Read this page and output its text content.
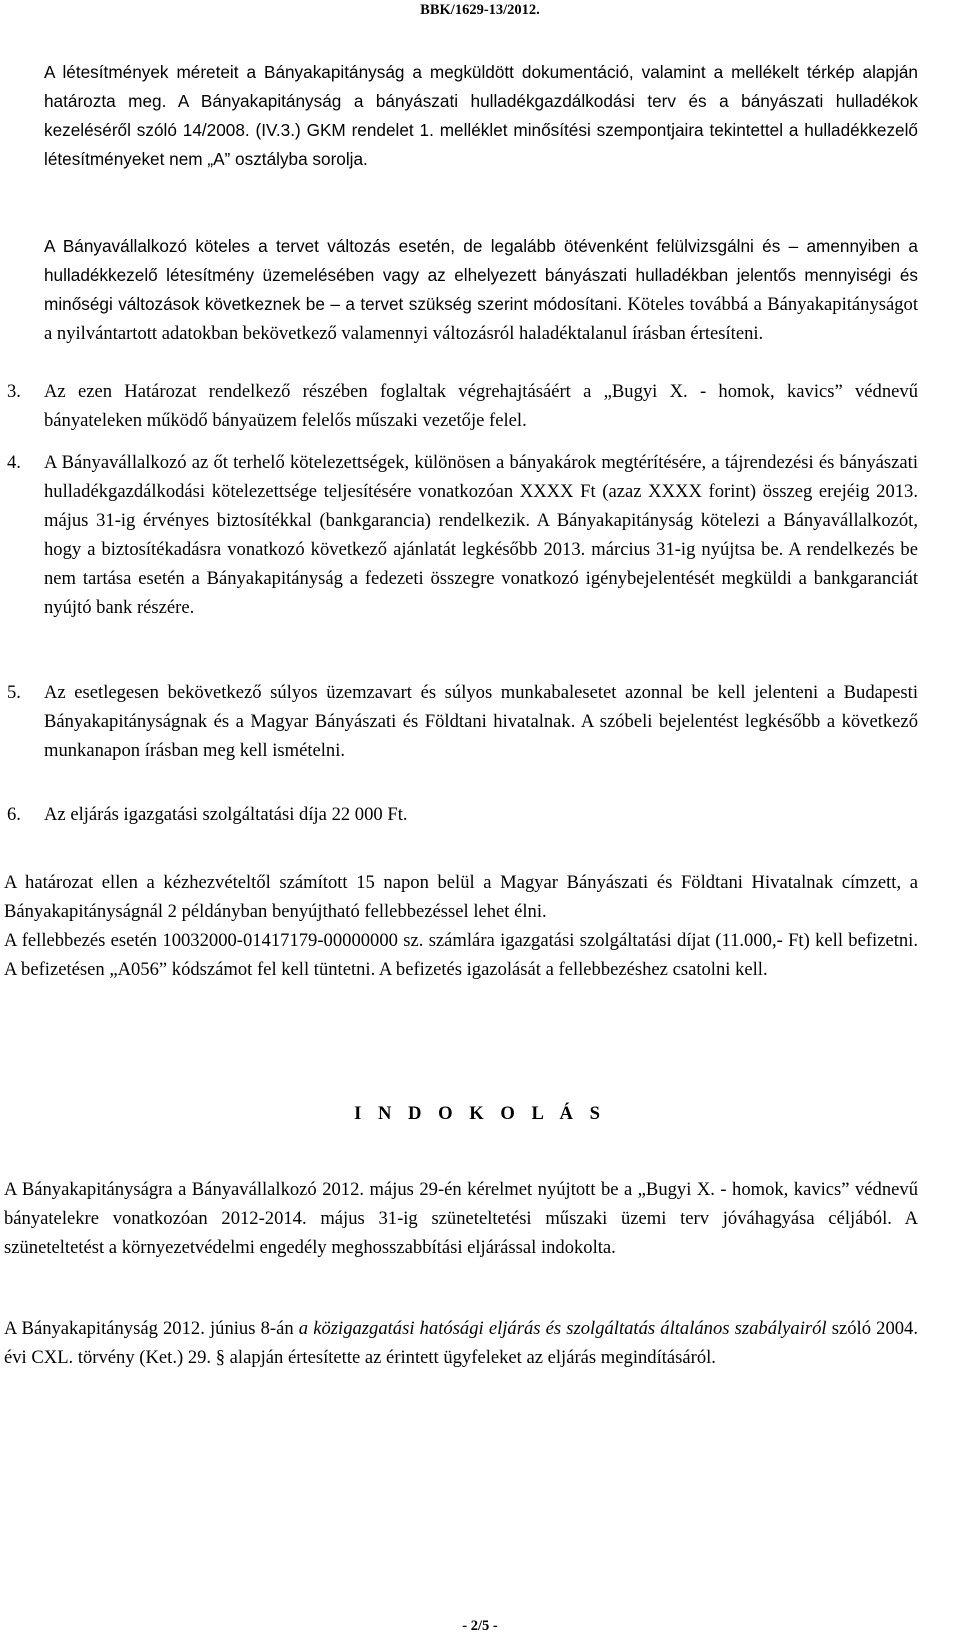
BBK/1629-13/2012.

A létesítmények méreteit a Bányakapitányság a megküldött dokumentáció, valamint a mellékelt térkép alapján határozta meg. A Bányakapitányság a bányászati hulladékgazdálkodási terv és a bányászati hulladékok kezeléséről szóló 14/2008. (IV.3.) GKM rendelet 1. melléklet minősítési szempontjaira tekintettel a hulladékkezelő létesítményeket nem „A” osztályba sorolja.

A Bányavállalkozó köteles a tervet változás esetén, de legalább ötévenként felülvizsgálni és – amennyiben a hulladékkezelő létesítmény üzemelésében vagy az elhelyezett bányászati hulladékban jelentős mennyiségi és minőségi változások következnek be – a tervet szükség szerint módosítani. Köteles továbbá a Bányakapitányságot a nyilvántartott adatokban bekövetkező valamennyi változásról haladéktalanul írásban értesíteni.

3. Az ezen Határozat rendelkező részében foglaltak végrehajtásáért a „Bugyi X. - homok, kavics” védnevű bányateleken működő bányaüzem felelős műszaki vezetője felel.

4. A Bányavállalkozó az őt terhelő kötelezettségek, különösen a bányakárok megtérítésére, a tájrendezési és bányászati hulladékgazdálkodási kötelezettsége teljesítésére vonatkozóan XXXX Ft (azaz XXXX forint) összeg erejéig 2013. május 31-ig érvényes biztosítékkal (bankgarancia) rendelkezik. A Bányakapitányság kötelezi a Bányavállalkozót, hogy a biztosítékadásra vonatkozó következő ajánlatát legkésőbb 2013. március 31-ig nyújtsa be. A rendelkezés be nem tartása esetén a Bányakapitányság a fedezeti összegre vonatkozó igénybejelentését megküldi a bankgaranciát nyújtó bank részére.

5. Az esetlegesen bekövetkező súlyos üzemzavart és súlyos munkabalesetet azonnal be kell jelenteni a Budapesti Bányakapitányságnak és a Magyar Bányászati és Földtani hivatalnak. A szóbeli bejelentést legkésőbb a következő munkanapon írásban meg kell ismételni.

6. Az eljárás igazgatási szolgáltatási díja 22 000 Ft.

A határozat ellen a kézhezvételtől számított 15 napon belül a Magyar Bányászati és Földtani Hivatalnak címzett, a Bányakapitányságnál 2 példányban benyújtható fellebbezéssel lehet élni.

A fellebbezés esetén 10032000-01417179-00000000 sz. számlára igazgatási szolgáltatási díjat (11.000,- Ft) kell befizetni. A befizetésen „A056” kódszámot fel kell tüntetni. A befizetés igazolását a fellebbezéshez csatolni kell.

I N D O K O L Á S

A Bányakapitányságra a Bányavállalkozó 2012. május 29-én kérelmet nyújtott be a „Bugyi X. - homok, kavics” védnevű bányatelekre vonatkozóan 2012-2014. május 31-ig szüneteltetési műszaki üzemi terv jóváhagyása céljából. A szüneteltetést a környezetvédelmi engedély meghosszabbítási eljárással indokolta.

A Bányakapitányság 2012. június 8-án a közigazgatási hatósági eljárás és szolgáltatás általános szabályairól szóló 2004. évi CXL. törvény (Ket.) 29. § alapján értesítette az érintett ügyfeleket az eljárás megindításáról.

- 2/5 -
